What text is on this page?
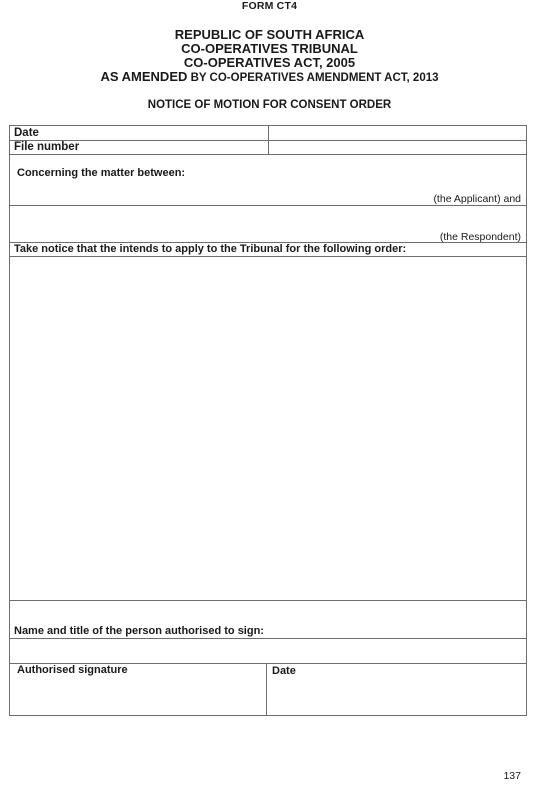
FORM CT4
REPUBLIC OF SOUTH AFRICA
CO-OPERATIVES TRIBUNAL
CO-OPERATIVES ACT, 2005
AS AMENDED BY CO-OPERATIVES AMENDMENT ACT, 2013
NOTICE OF MOTION FOR CONSENT ORDER
Date
File number
Concerning the matter between:
(the Applicant) and
(the Respondent)
Take notice that the intends to apply to the Tribunal for the following order:
Name and title of the person authorised to sign:
Authorised signature	Date
137
